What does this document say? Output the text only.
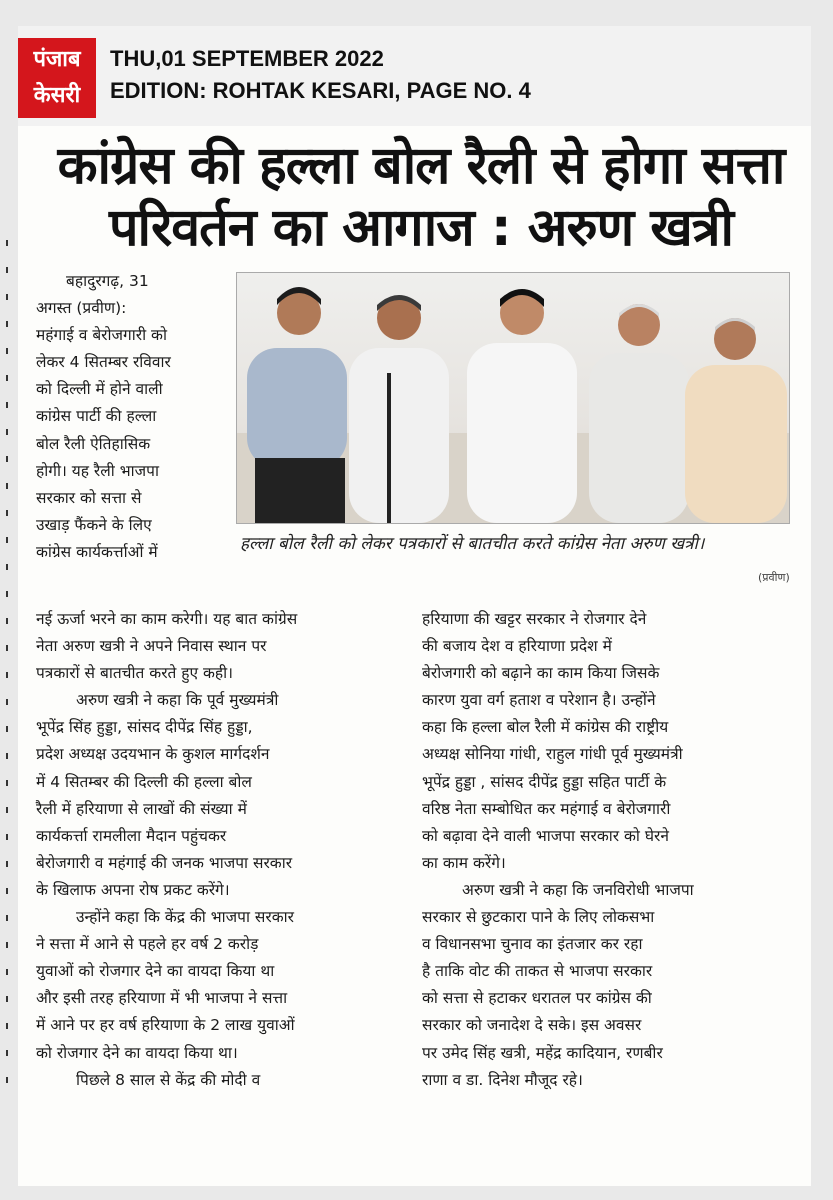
पंजाब
केसरी
THU,01 SEPTEMBER 2022
EDITION: ROHTAK KESARI, PAGE NO. 4
कांग्रेस की हल्ला बोल रैली से होगा सत्ता
परिवर्तन का आगाज : अरुण खत्री
हल्ला बोल रैली को लेकर पत्रकारों से बातचीत करते कांग्रेस नेता अरुण खत्री।
(प्रवीण)

बहादुरगढ़, 31

अगस्त (प्रवीण):

महंगाई व बेरोजगारी को

लेकर 4 सितम्बर रविवार

को दिल्ली में होने वाली

कांग्रेस पार्टी की हल्ला

बोल रैली ऐतिहासिक

होगी। यह रैली भाजपा

सरकार को सत्ता से

उखाड़ फैंकने के लिए

कांग्रेस कार्यकर्त्ताओं में

नई ऊर्जा भरने का काम करेगी। यह बात कांग्रेस

नेता अरुण खत्री ने अपने निवास स्थान पर

पत्रकारों से बातचीत करते हुए कही।

अरुण खत्री ने कहा कि पूर्व मुख्यमंत्री

भूपेंद्र सिंह हुड्डा, सांसद दीपेंद्र सिंह हुड्डा,

प्रदेश अध्यक्ष उदयभान के कुशल मार्गदर्शन

में 4 सितम्बर की दिल्ली की हल्ला बोल

रैली में हरियाणा से लाखों की संख्या में

कार्यकर्त्ता रामलीला मैदान पहुंचकर

बेरोजगारी व महंगाई की जनक भाजपा सरकार

के खिलाफ अपना रोष प्रकट करेंगे।

उन्होंने कहा कि केंद्र की भाजपा सरकार

ने सत्ता में आने से पहले हर वर्ष 2 करोड़

युवाओं को रोजगार देने का वायदा किया था

और इसी तरह हरियाणा में भी भाजपा ने सत्ता

में आने पर हर वर्ष हरियाणा के 2 लाख युवाओं

को रोजगार देने का वायदा किया था।

पिछले 8 साल से केंद्र की मोदी व

हरियाणा की खट्टर सरकार ने रोजगार देने

की बजाय देश व हरियाणा प्रदेश में

बेरोजगारी को बढ़ाने का काम किया जिसके

कारण युवा वर्ग हताश व परेशान है। उन्होंने

कहा कि हल्ला बोल रैली में कांग्रेस की राष्ट्रीय

अध्यक्ष सोनिया गांधी, राहुल गांधी पूर्व मुख्यमंत्री

भूपेंद्र हुड्डा , सांसद दीपेंद्र हुड्डा सहित पार्टी के

वरिष्ठ नेता सम्बोधित कर महंगाई व बेरोजगारी

को बढ़ावा देने वाली भाजपा सरकार को घेरने

का काम करेंगे।

अरुण खत्री ने कहा कि जनविरोधी भाजपा

सरकार से छुटकारा पाने के लिए लोकसभा

व विधानसभा चुनाव का इंतजार कर रहा

है ताकि वोट की ताकत से भाजपा सरकार

को सत्ता से हटाकर धरातल पर कांग्रेस की

सरकार को जनादेश दे सके। इस अवसर

पर उमेद सिंह खत्री, महेंद्र कादियान, रणबीर

राणा व डा. दिनेश मौजूद रहे।
